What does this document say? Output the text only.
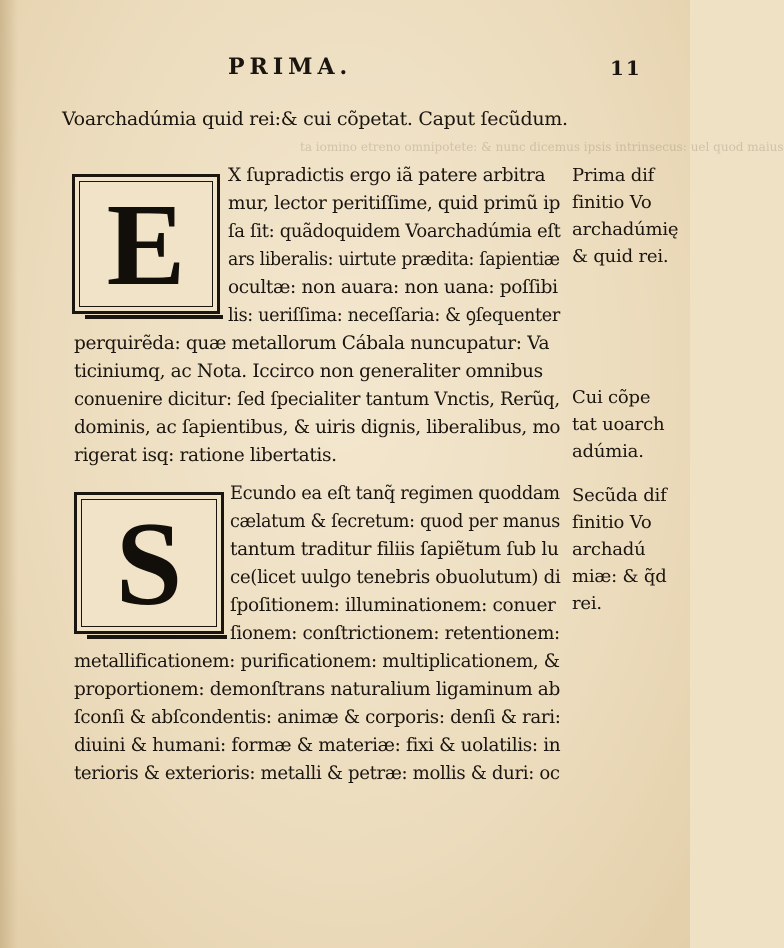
PRIMA.	11
Voarchadúmia quid rei:& cui cõpetat. Caput ſecũdum.
ta iomino etreno omnipotete: & nunc dicemus ipsis intrinsecus: uel quod maius
E
X ſupradictis ergo iã patere arbitra
mur, lector peritiſſime, quid primũ ip
ſa ſit: quãdoquidem Voarchadúmia eſt
ars liberalis: uirtute prædita: ſapientiæ
ocultæ: non auara: non uana: poſſibi
lis: ueriſſima: neceſſaria: & ꝯſequenter
perquirẽda: quæ metallorum Cábala nuncupatur: Va
ticiniumq, ac Nota. Iccirco non generaliter omnibus
conuenire dicitur: ſed ſpecialiter tantum Vnctis, Rerũq,
dominis, ac ſapientibus, & uiris dignis, liberalibus, mo
rigerat isq: ratione libertatis.
Prima dif
finitio Vo
archadúmię
& quid rei.
Cui cõpe
tat uoarch
adúmia.
S
Ecundo ea eſt tanq̃ regimen quoddam
cælatum & ſecretum: quod per manus
tantum traditur filiis ſapiẽtum ſub lu
ce(licet uulgo tenebris obuolutum) di
ſpoſitionem: illuminationem: conuer
ſionem: conſtrictionem: retentionem:
metallificationem: purificationem: multiplicationem, &
proportionem: demonſtrans naturalium ligaminum ab
ſconſi & abſcondentis: animæ & corporis: denſi & rari:
diuini & humani: formæ & materiæ: fixi & uolatilis: in
terioris & exterioris: metalli & petræ: mollis & duri: oc
Secũda dif
finitio Vo
archadú
miæ: & q̃d
rei.
